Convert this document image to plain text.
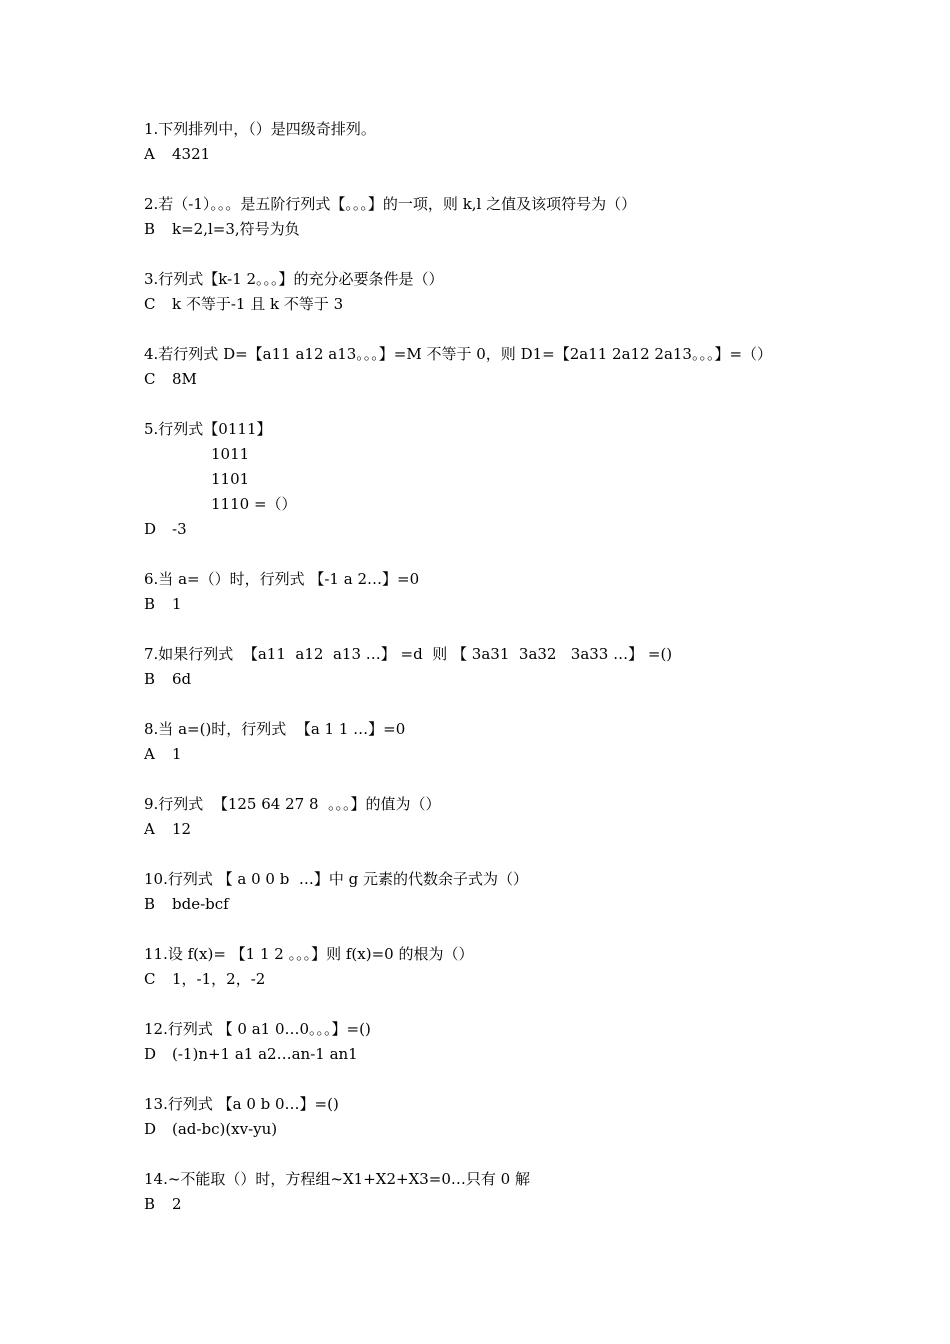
1.下列排列中，（）是四级奇排列。
A	4321
2.若（-1）。。。是五阶行列式【。。。】的一项，则 k,l 之值及该项符号为（）
B	k=2,l=3,符号为负
3.行列式【k-1 2。。。】的充分必要条件是（）
C	k 不等于-1 且 k 不等于 3
4.若行列式 D=【a11 a12 a13。。。】=M 不等于 0，则 D1=【2a11 2a12 2a13。。。】=（）
C	8M
5.行列式【0111】
1011
1101
1110 =（）
D	-3
6.当 a=（）时，行列式 【-1 a 2…】=0
B	1
7.如果行列式  【a11  a12  a13 …】 =d  则 【 3a31  3a32   3a33 …】 =()
B	6d
8.当 a=()时，行列式  【a 1 1 …】=0
A	1
9.行列式  【125 64 27 8  。。。】的值为（）
A	12
10.行列式 【 a 0 0 b  …】中 g 元素的代数余子式为（）
B	bde-bcf
11.设 f(x)= 【1 1 2 。。。】则 f(x)=0 的根为（）
C	1，-1，2，-2
12.行列式 【 0 a1 0…0。。。】=()
D	(-1)n+1 a1 a2…an-1 an1
13.行列式 【a 0 b 0…】=()
D	(ad-bc)(xv-yu)
14.~不能取（）时，方程组~X1+X2+X3=0…只有 0 解
B	2
